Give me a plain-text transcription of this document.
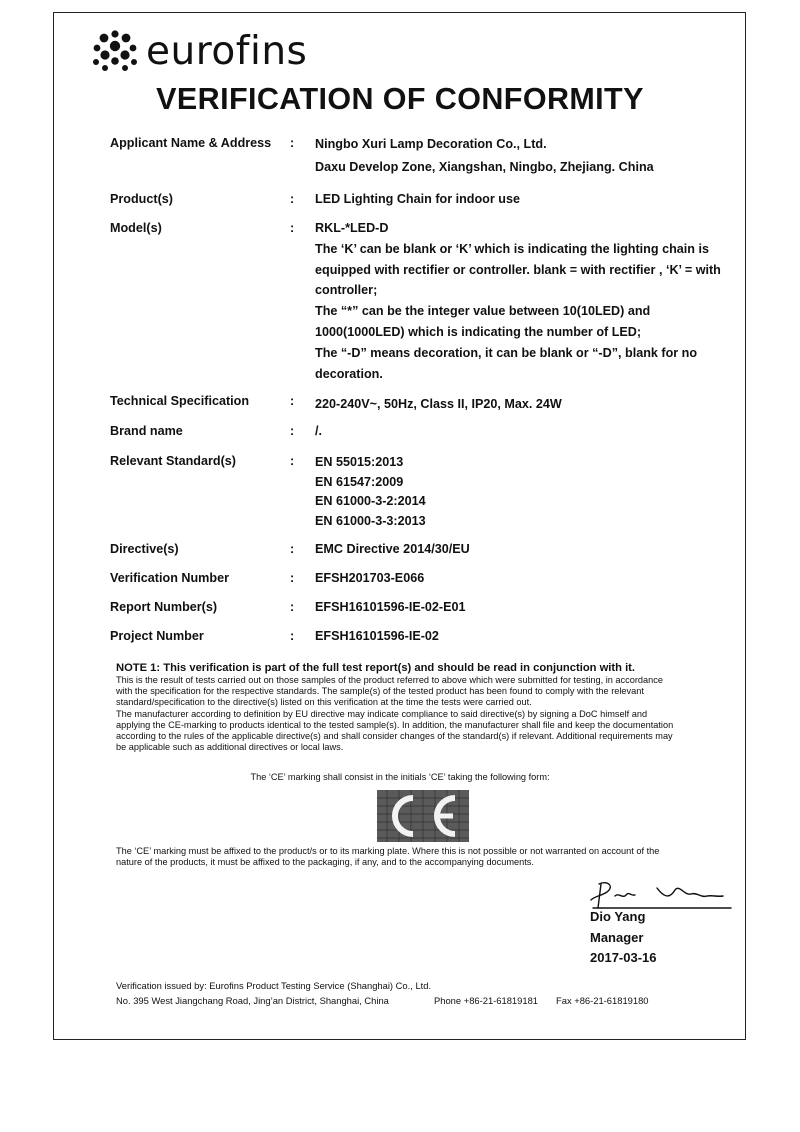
eurofins
VERIFICATION OF CONFORMITY
Applicant Name & Address	:	Ningbo Xuri Lamp Decoration Co., Ltd.
Daxu Develop Zone, Xiangshan, Ningbo, Zhejiang. China
Product(s)	:	LED Lighting Chain for indoor use
Model(s)	:	RKL-*LED-D
The ‘K’ can be blank or ‘K’ which is indicating the lighting chain is
equipped with rectifier or controller. blank = with rectifier , ‘K’ = with
controller;
The “*” can be the integer value between 10(10LED) and
1000(1000LED) which is indicating the number of LED;
The “-D” means decoration, it can be blank or “-D”, blank for no
decoration.
Technical Specification	:	220-240V~, 50Hz, Class II, IP20, Max. 24W
Brand name	:	/.
Relevant Standard(s)	:	EN 55015:2013
EN 61547:2009
EN 61000-3-2:2014
EN 61000-3-3:2013
Directive(s)	:	EMC Directive 2014/30/EU
Verification Number	:	EFSH201703-E066
Report Number(s)	:	EFSH16101596-IE-02-E01
Project Number	:	EFSH16101596-IE-02
NOTE 1: This verification is part of the full test report(s) and should be read in conjunction with it.
This is the result of tests carried out on those samples of the product referred to above which were submitted for testing, in accordance
with the specification for the respective standards. The sample(s) of the tested product has been found to comply with the relevant
standard/specification to the directive(s) listed on this verification at the time the tests were carried out.
The manufacturer according to definition by EU directive may indicate compliance to said directive(s) by signing a DoC himself and
applying the CE-marking to products identical to the tested sample(s). In addition, the manufacturer shall file and keep the documentation
according to the rules of the applicable directive(s) and shall consider changes of the standard(s) if relevant. Additional requirements may
be applicable such as additional directives or local laws.
The ‘CE’ marking shall consist in the initials ‘CE’ taking the following form:
The ‘CE’ marking must be affixed to the product/s or to its marking plate. Where this is not possible or not warranted on account of the
nature of the products, it must be affixed to the packaging, if any, and to the accompanying documents.
Dio Yang
Manager
2017-03-16
Verification issued by: Eurofins Product Testing Service (Shanghai) Co., Ltd.
No. 395 West Jiangchang Road, Jing’an District, Shanghai, China	Phone +86-21-61819181 Fax +86-21-61819180
